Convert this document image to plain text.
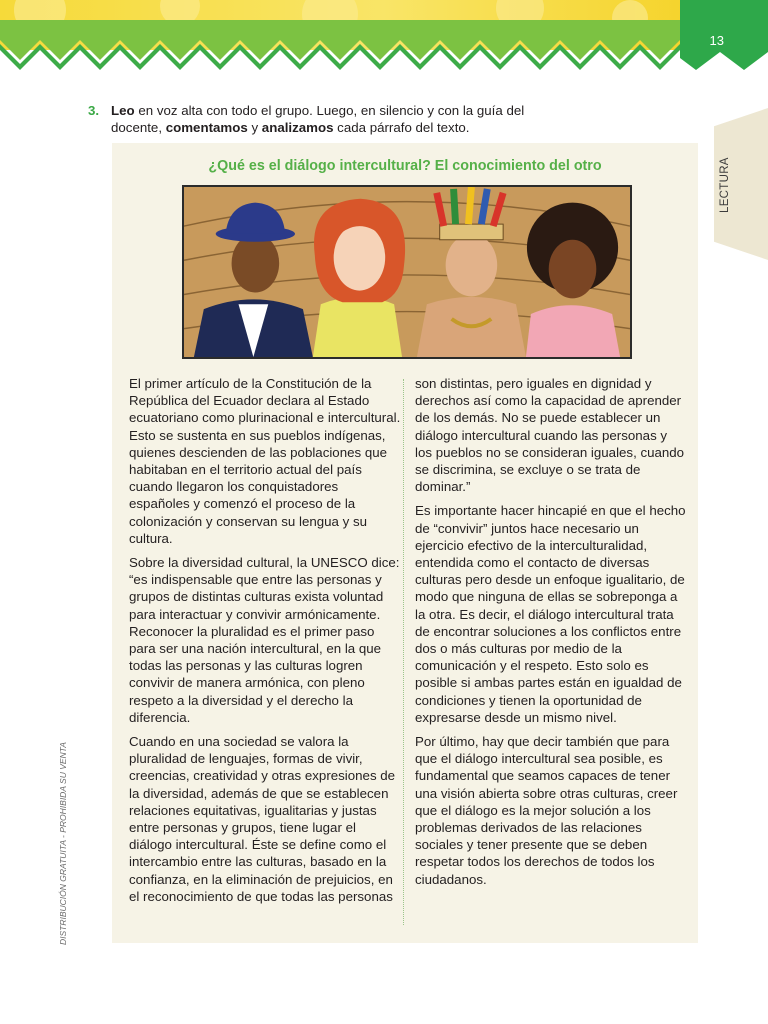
13
LECTURA
DISTRIBUCIÓN GRATUITA - PROHIBIDA SU VENTA
3. Leo en voz alta con todo el grupo. Luego, en silencio y con la guía del docente, comentamos y analizamos cada párrafo del texto.
¿Qué es el diálogo intercultural? El conocimiento del otro

El primer artículo de la Constitución de la República del Ecuador declara al Estado ecuatoriano como plurinacional e intercultural. Esto se sustenta en sus pueblos indígenas, quienes descienden de las poblaciones que habitaban en el territorio actual del país cuando llegaron los conquistadores españoles y comenzó el proceso de la colonización y conservan su lengua y su cultura.

Sobre la diversidad cultural, la UNESCO dice: “es indispensable que entre las personas y grupos de distintas culturas exista voluntad para interactuar y convivir armónicamente. Reconocer la pluralidad es el primer paso para ser una nación intercultural, en la que todas las personas y las culturas logren convivir de manera armónica, con pleno respeto a la diversidad y el derecho la diferencia.

Cuando en una sociedad se valora la pluralidad de lenguajes, formas de vivir, creencias, creatividad y otras expresiones de la diversidad, además de que se establecen relaciones equitativas, igualitarias y justas entre personas y grupos, tiene lugar el diálogo intercultural. Éste se define como el intercambio entre las culturas, basado en la confianza, en la eliminación de prejuicios, en el reconocimiento de que todas las personas

son distintas, pero iguales en dignidad y derechos así como la capacidad de aprender de los demás. No se puede establecer un diálogo intercultural cuando las personas y los pueblos no se consideran iguales, cuando se discrimina, se excluye o se trata de dominar.”

Es importante hacer hincapié en que el hecho de “convivir” juntos hace necesario un ejercicio efectivo de la interculturalidad, entendida como el contacto de diversas culturas pero desde un enfoque igualitario, de modo que ninguna de ellas se sobreponga a la otra. Es decir, el diálogo intercultural trata de encontrar soluciones a los conflictos entre dos o más culturas por medio de la comunicación y el respeto. Esto solo es posible si ambas partes están en igualdad de condiciones y tienen la oportunidad de expresarse desde un mismo nivel.

Por último, hay que decir también que para que el diálogo intercultural sea posible, es fundamental que seamos capaces de tener una visión abierta sobre otras culturas, creer que el diálogo es la mejor solución a los problemas derivados de las relaciones sociales y tener presente que se deben respetar todos los derechos de todos los ciudadanos.
